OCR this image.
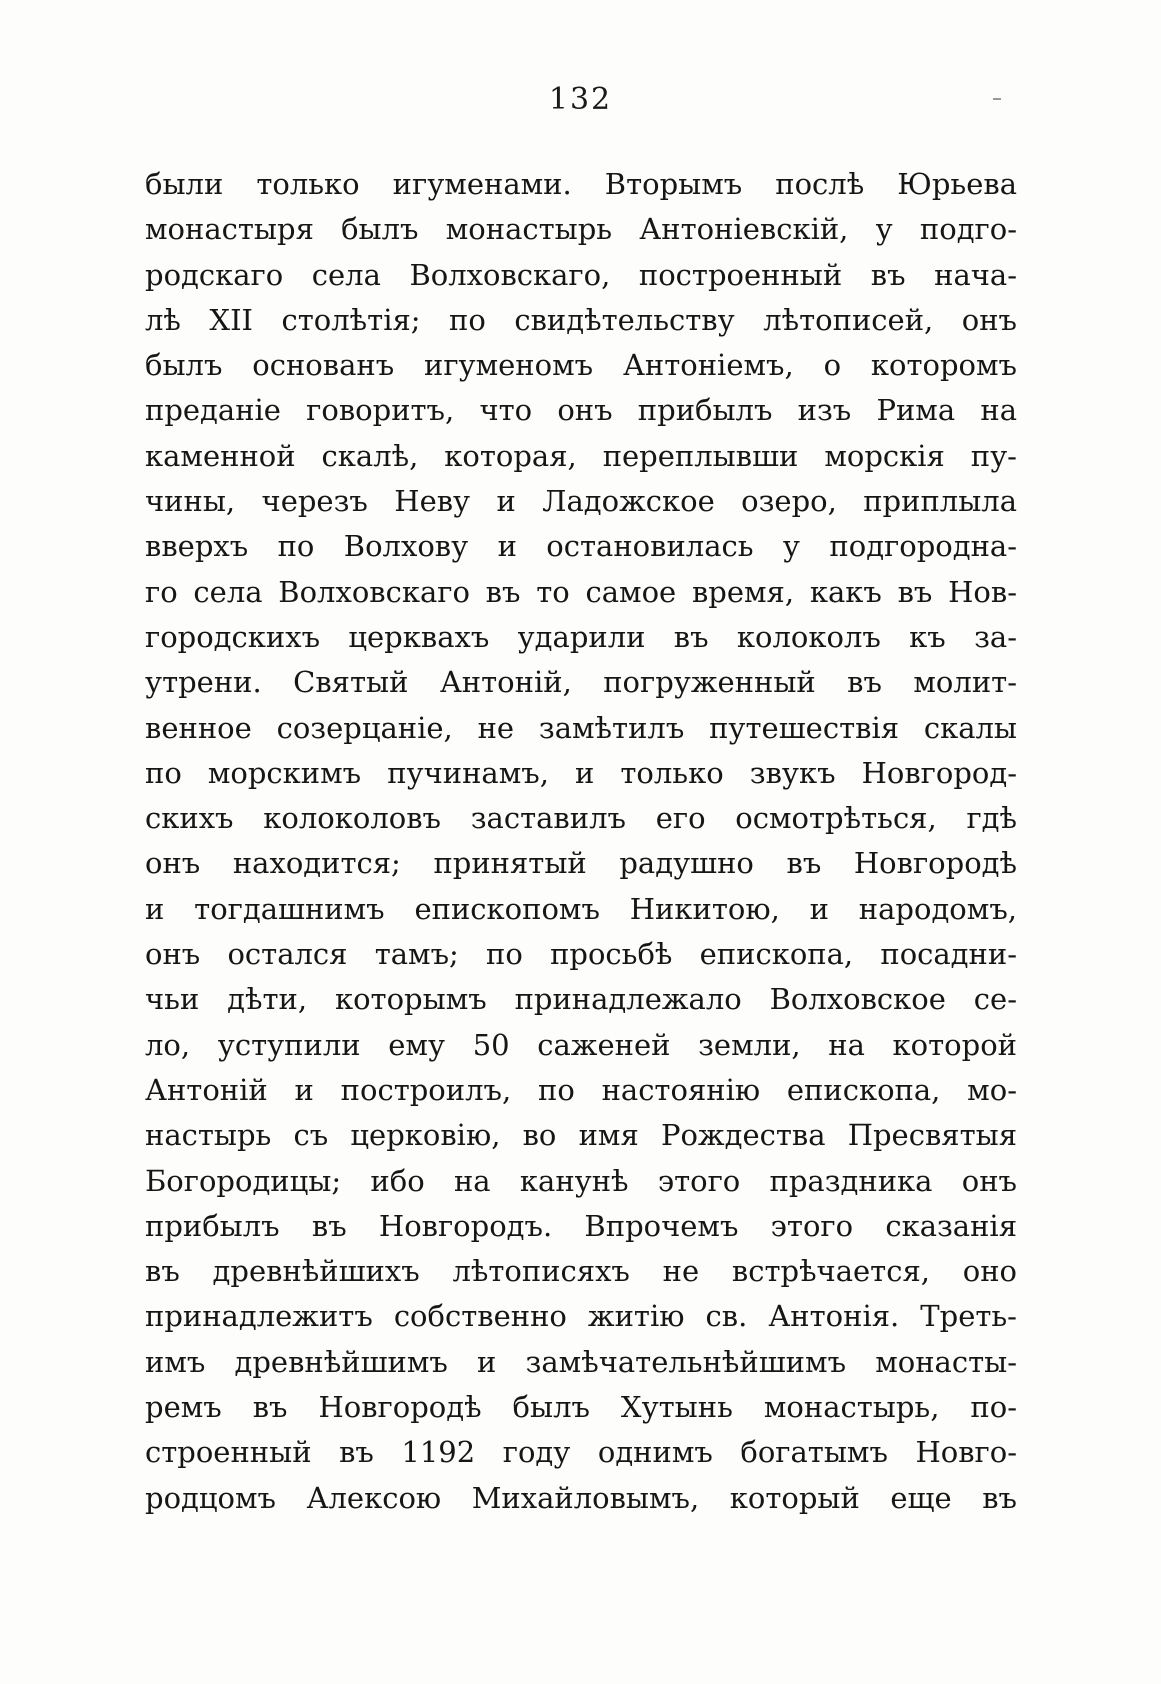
132
были только игуменами. Вторымъ послѣ Юрьева
монастыря былъ монастырь Антоніевскій, у подго-
родскаго села Волховскаго, построенный въ нача-
лѣ XII столѣтія; по свидѣтельству лѣтописей, онъ
былъ основанъ игуменомъ Антоніемъ, о которомъ
преданіе говоритъ, что онъ прибылъ изъ Рима на
каменной скалѣ, которая, переплывши морскія пу-
чины, черезъ Неву и Ладожское озеро, приплыла
вверхъ по Волхову и остановилась у подгородна-
го села Волховскаго въ то самое время, какъ въ Нов-
городскихъ церквахъ ударили въ колоколъ къ за-
утрени. Святый Антоній, погруженный въ молит-
венное созерцаніе, не замѣтилъ путешествія скалы
по морскимъ пучинамъ, и только звукъ Новгород-
скихъ колоколовъ заставилъ его осмотрѣться, гдѣ
онъ находится; принятый радушно въ Новгородѣ
и тогдашнимъ епископомъ Никитою, и народомъ,
онъ остался тамъ; по просьбѣ епископа, посадни-
чьи дѣти, которымъ принадлежало Волховское се-
ло, уступили ему 50 саженей земли, на которой
Антоній и построилъ, по настоянію епископа, мо-
настырь съ церковію, во имя Рождества Пресвятыя
Богородицы; ибо на канунѣ этого праздника онъ
прибылъ въ Новгородъ. Впрочемъ этого сказанія
въ древнѣйшихъ лѣтописяхъ не встрѣчается, оно
принадлежитъ собственно житію св. Антонія. Треть-
имъ древнѣйшимъ и замѣчательнѣйшимъ монасты-
ремъ въ Новгородѣ былъ Хутынь монастырь, по-
строенный въ 1192 году однимъ богатымъ Новго-
родцомъ Алексою Михайловымъ, который еще въ
